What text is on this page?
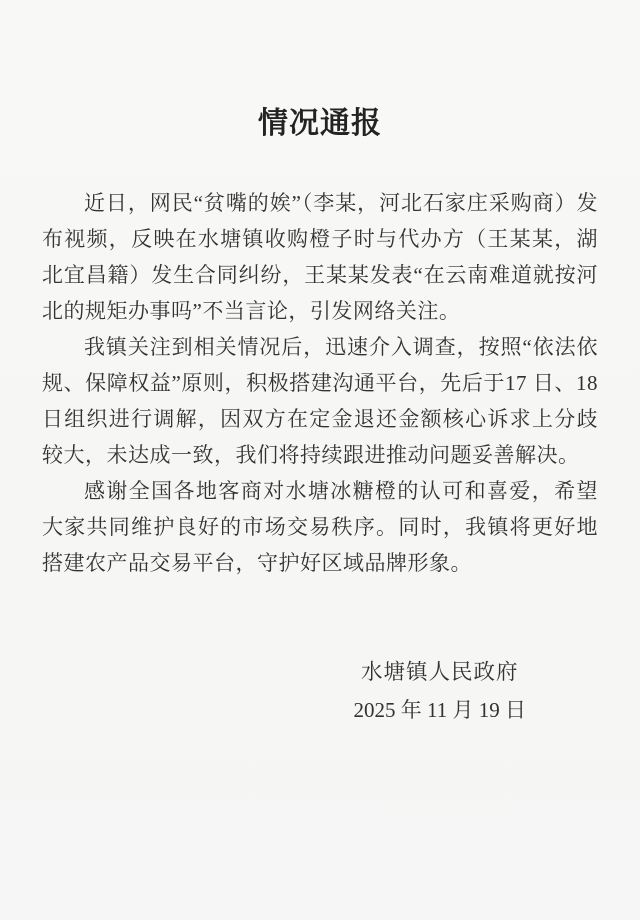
情况通报

近日，网民“贫嘴的娭”（李某，河北石家庄采购商）发布视频，反映在水塘镇收购橙子时与代办方（王某某，湖北宜昌籍）发生合同纠纷，王某某发表“在云南难道就按河北的规矩办事吗”不当言论，引发网络关注。

我镇关注到相关情况后，迅速介入调查，按照“依法依规、保障权益”原则，积极搭建沟通平台，先后于17 日、18 日组织进行调解，因双方在定金退还金额核心诉求上分歧较大，未达成一致，我们将持续跟进推动问题妥善解决。

感谢全国各地客商对水塘冰糖橙的认可和喜爱，希望大家共同维护良好的市场交易秩序。同时，我镇将更好地搭建农产品交易平台，守护好区域品牌形象。

水塘镇人民政府
2025 年 11 月 19 日
